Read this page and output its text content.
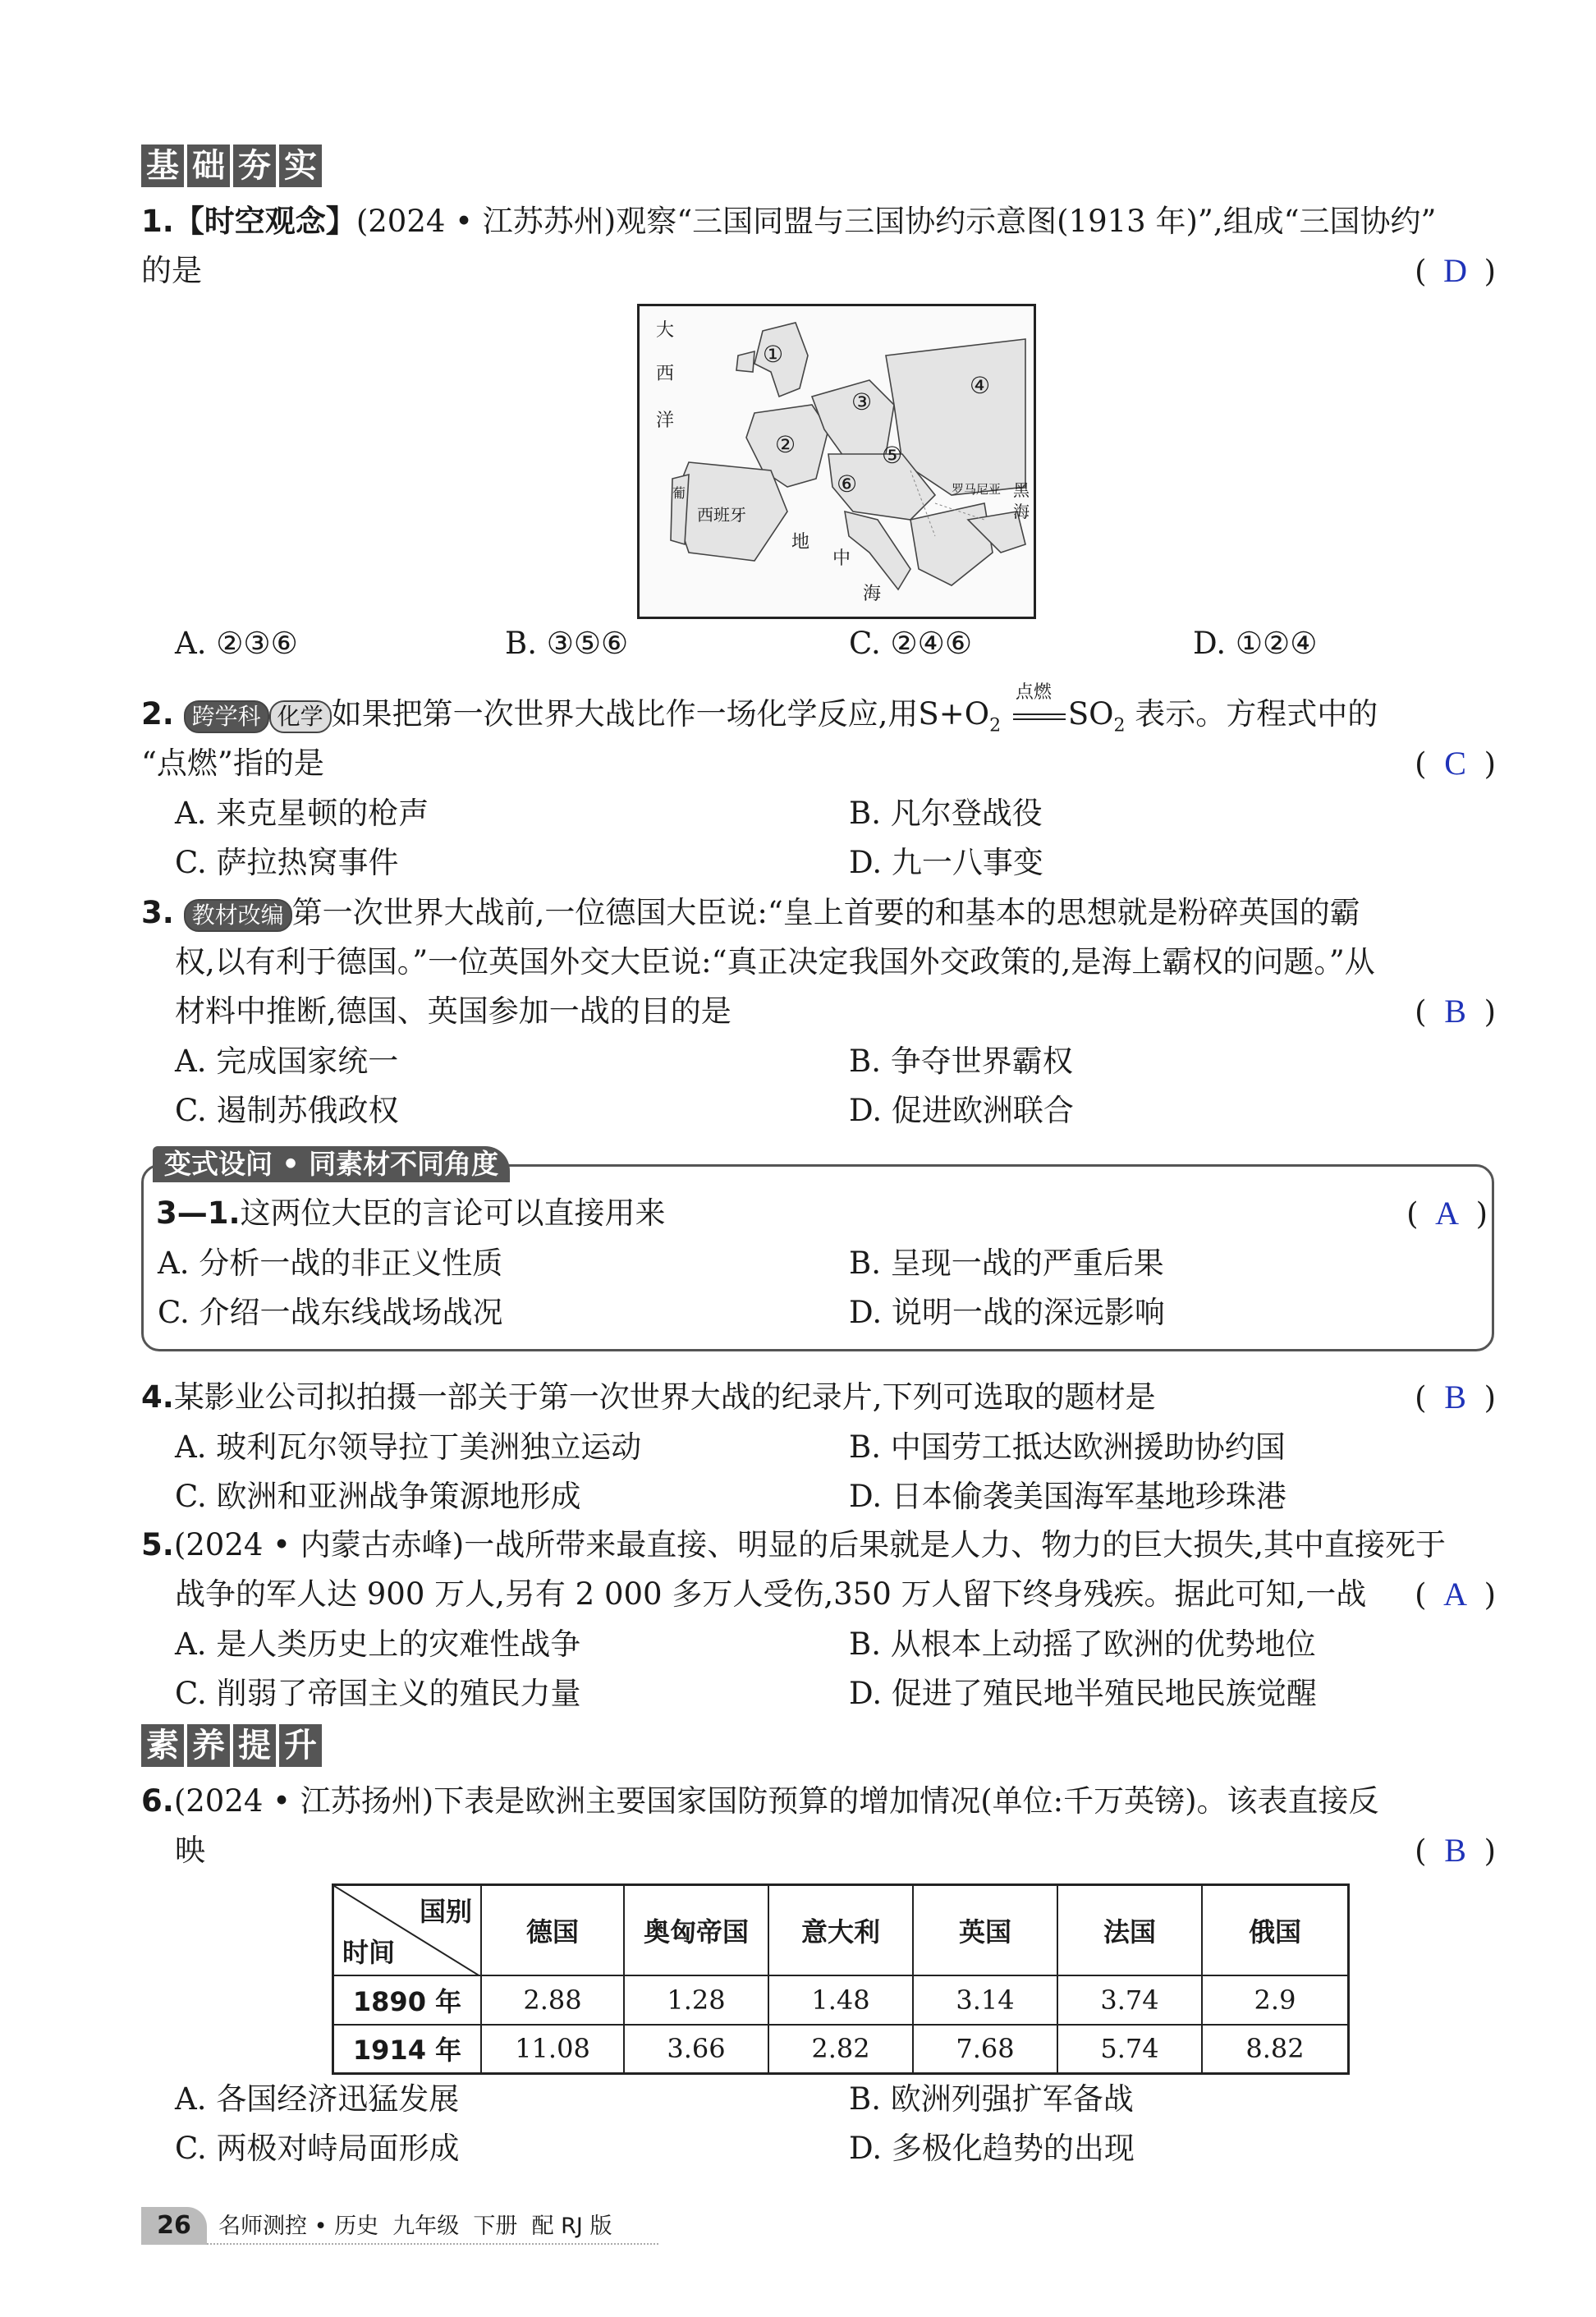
基 础 夯 实
1.【时空观念】(2024 • 江苏苏州)观察“三国同盟与三国协约示意图(1913 年)”,组成“三国协约”
的是	( D )
大
西
洋
西班牙
地
中
海
黑
海
罗马尼亚
葡
①
②
③
④
⑤
⑥
A. ②③⑥	B. ③⑤⑥	C. ②④⑥	D. ①②④
2. 跨学科 化学 如果把第一次世界大战比作一场化学反应,用$S+O_2$
点燃
$SO_2$ 表示。方程式中的
“点燃”指的是	( C )
A. 来克星顿的枪声	B. 凡尔登战役
C. 萨拉热窝事件	D. 九一八事变
3. 教材改编 第一次世界大战前,一位德国大臣说:“皇上首要的和基本的思想就是粉碎英国的霸
权,以有利于德国。”一位英国外交大臣说:“真正决定我国外交政策的,是海上霸权的问题。”从
材料中推断,德国、英国参加一战的目的是	( B )
A. 完成国家统一	B. 争夺世界霸权
C. 遏制苏俄政权	D. 促进欧洲联合
变式设问 • 同素材不同角度
3—1.这两位大臣的言论可以直接用来	( A )
A. 分析一战的非正义性质	B. 呈现一战的严重后果
C. 介绍一战东线战场战况	D. 说明一战的深远影响
4.某影业公司拟拍摄一部关于第一次世界大战的纪录片,下列可选取的题材是	( B )
A. 玻利瓦尔领导拉丁美洲独立运动	B. 中国劳工抵达欧洲援助协约国
C. 欧洲和亚洲战争策源地形成	D. 日本偷袭美国海军基地珍珠港
5.(2024 • 内蒙古赤峰)一战所带来最直接、明显的后果就是人力、物力的巨大损失,其中直接死于
战争的军人达 900 万人,另有 2 000 多万人受伤,350 万人留下终身残疾。据此可知,一战	( A )
A. 是人类历史上的灾难性战争	B. 从根本上动摇了欧洲的优势地位
C. 削弱了帝国主义的殖民力量	D. 促进了殖民地半殖民地民族觉醒
素 养 提 升
6.(2024 • 江苏扬州)下表是欧洲主要国家国防预算的增加情况(单位:千万英镑)。该表直接反
映	( B )
国别
时间	德国	奥匈帝国	意大利	英国	法国	俄国
1890 年	2.88	1.28	1.48	3.14	3.74	2.9
1914 年	11.08	3.66	2.82	7.68	5.74	8.82
A. 各国经济迅猛发展	B. 欧洲列强扩军备战
C. 两极对峙局面形成	D. 多极化趋势的出现
26	名师测控 • 历史  九年级  下册  配 RJ 版
